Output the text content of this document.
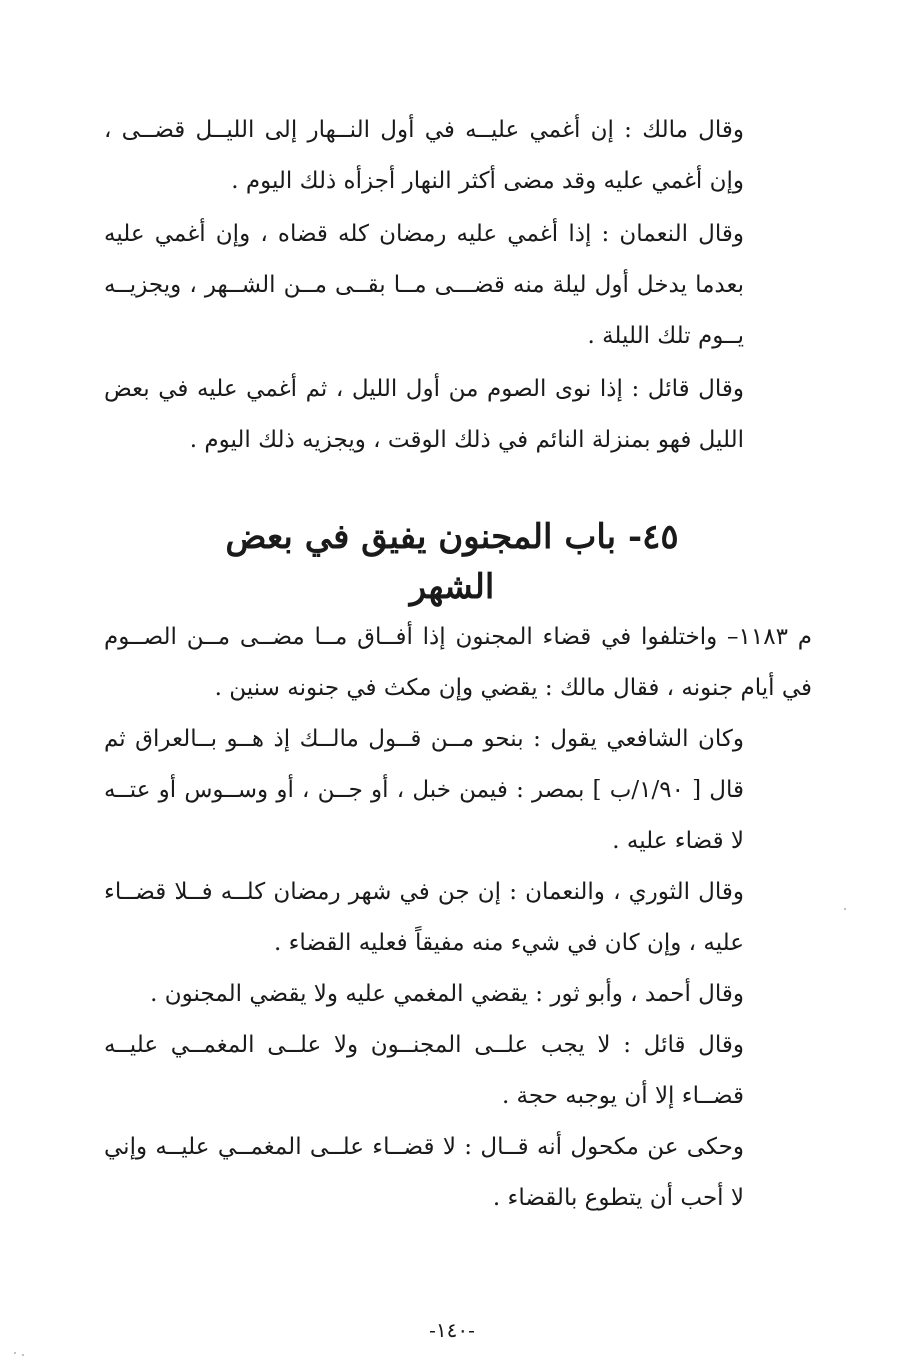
وقال مالك : إن أغمي عليــه في أول النــهار إلى الليــل قضــى ، وإن أغمي عليه وقد مضى أكثر النهار أجزأه ذلك اليوم .

وقال النعمان : إذا أغمي عليه رمضان كله قضاه ، وإن أغمي عليه بعدما يدخل أول ليلة منه قضـــى مــا بقــى مــن الشــهر ، ويجزيــه يــوم تلك الليلة .

وقال قائل : إذا نوى الصوم من أول الليل ، ثم أغمي عليه في بعض الليل فهو بمنزلة النائم في ذلك الوقت ، ويجزيه ذلك اليوم .

٤٥- باب المجنون يفيق في بعض الشهر

م ١١٨٣– واختلفوا في قضاء المجنون إذا أفــاق مــا مضــى مــن الصــوم في أيام جنونه ، فقال مالك : يقضي وإن مكث في جنونه سنين .

وكان الشافعي يقول : بنحو مــن قــول مالــك إذ هــو بــالعراق ثم قال [ ١/٩٠/ب ] بمصر : فيمن خبل ، أو جــن ، أو وســوس أو عتــه لا قضاء عليه .

وقال الثوري ، والنعمان : إن جن في شهر رمضان كلــه فــلا قضــاء عليه ، وإن كان في شيء منه مفيقاً فعليه القضاء .

وقال أحمد ، وأبو ثور : يقضي المغمي عليه ولا يقضي المجنون .

وقال قائل : لا يجب علــى المجنــون ولا علــى المغمــي عليــه قضــاء إلا أن يوجبه حجة .

وحكى عن مكحول أنه قــال : لا قضــاء علــى المغمــي عليــه وإني لا أحب أن يتطوع بالقضاء .

-١٤٠-
